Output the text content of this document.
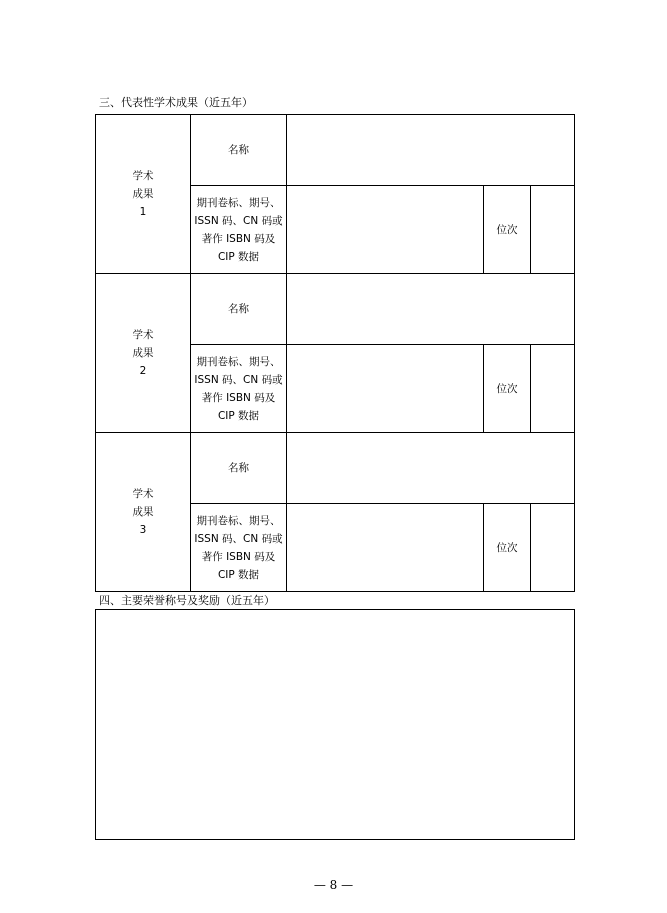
三、代表性学术成果（近五年）
学术
成果
1	名称			

	期刊卷标、期号、
ISSN 码、CN 码或
著作 ISBN 码及
CIP 数据		位次	

学术
成果
2	名称			

	期刊卷标、期号、
ISSN 码、CN 码或
著作 ISBN 码及
CIP 数据		位次	

学术
成果
3	名称			

	期刊卷标、期号、
ISSN 码、CN 码或
著作 ISBN 码及
CIP 数据		位次	
四、主要荣誉称号及奖励（近五年）
— 8 —
